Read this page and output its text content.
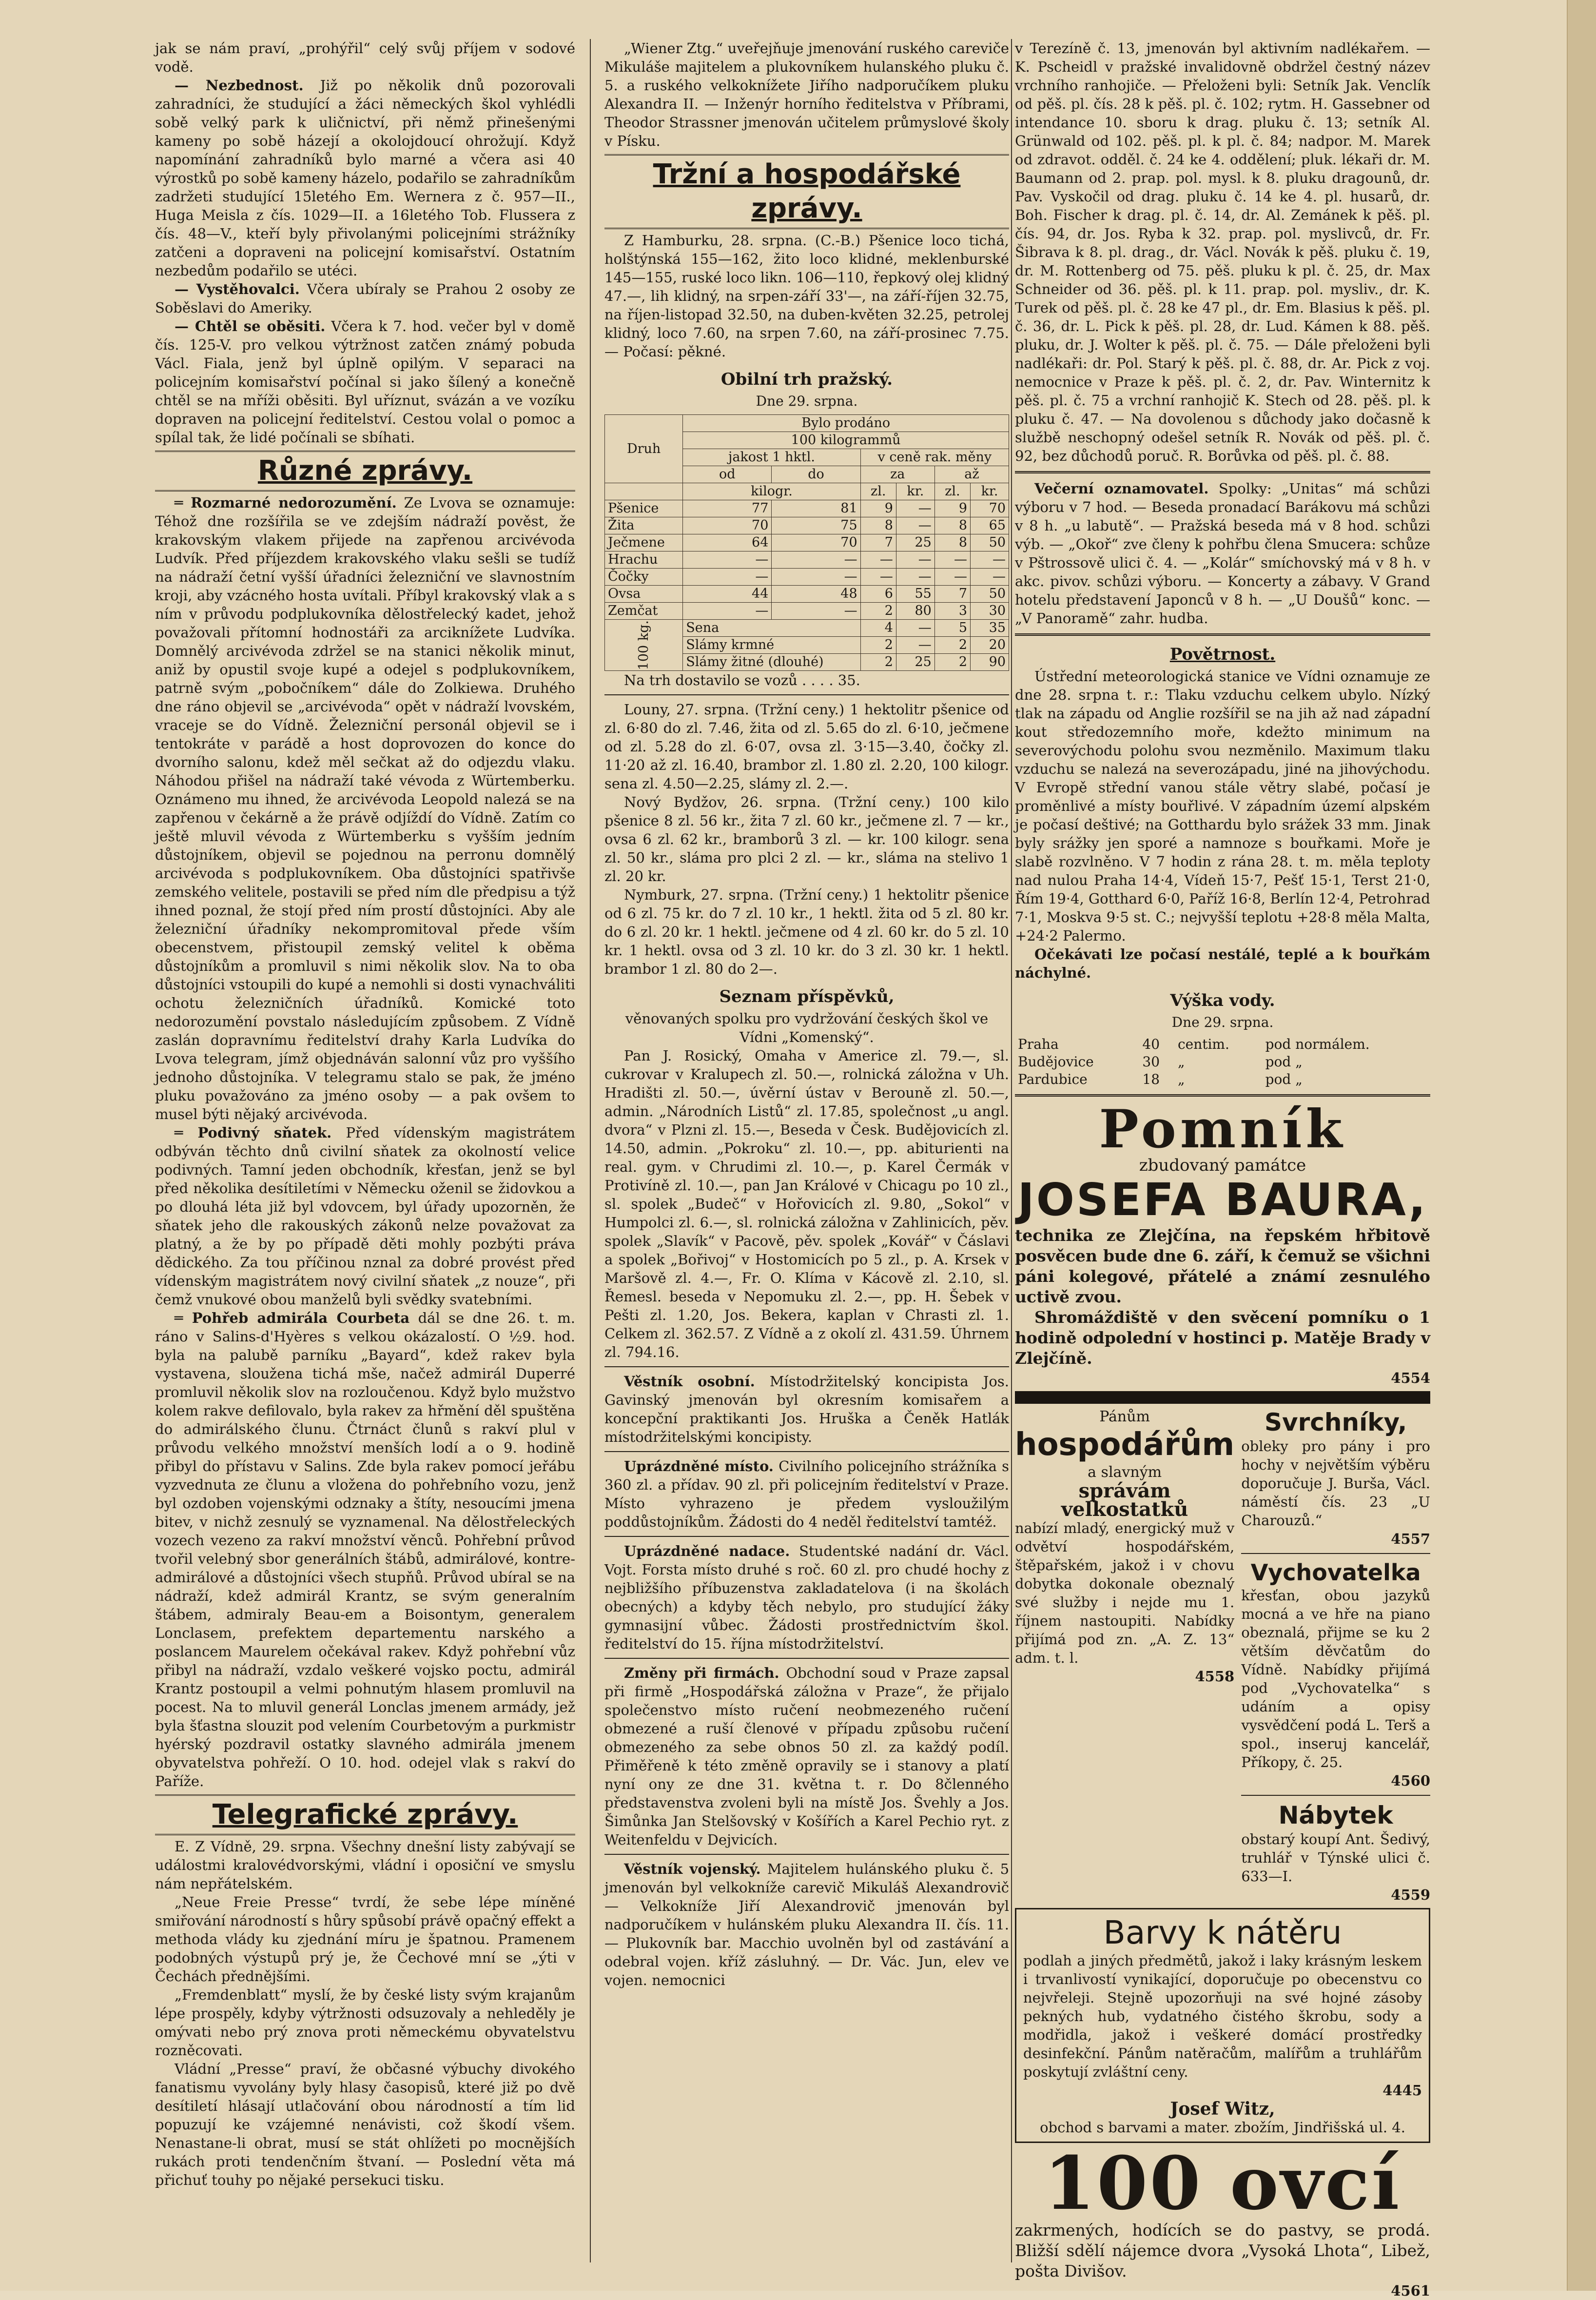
jak se nám praví, „prohýřil“ celý svůj příjem v sodové vodě.

— Nezbednost. Již po několik dnů pozorovali zahradníci, že studující a žáci německých škol vyhlédli sobě velký park k uličnictví, při němž přinešenými kameny po sobě házejí a okolojdoucí ohrožují. Když napomínání zahradníků bylo marné a včera asi 40 výrostků po sobě kameny házelo, podařilo se zahradníkům zadržeti studující 15letého Em. Wernera z č. 957—II., Huga Meisla z čís. 1029—II. a 16letého Tob. Flussera z čís. 48—V., kteří byly přivolanými policejními strážníky zatčeni a dopraveni na policejní komisařství. Ostatním nezbedům podařilo se utéci.

— Vystěhovalci. Včera ubíraly se Prahou 2 osoby ze Soběslavi do Ameriky.

— Chtěl se oběsiti. Včera k 7. hod. večer byl v domě čís. 125-V. pro velkou výtržnost zatčen známý pobuda Václ. Fiala, jenž byl úplně opilým. V separaci na policejním komisařství počínal si jako šílený a konečně chtěl se na mříži oběsiti. Byl uříznut, svázán a ve vozíku dopraven na policejní ředitelství. Cestou volal o pomoc a spílal tak, že lidé počínali se sbíhati.

Různé zprávy.

═ Rozmarné nedorozumění. Ze Lvova se oznamuje: Téhož dne rozšířila se ve zdejším nádraží pověst, že krakovským vlakem přijede na zapřenou arcivévoda Ludvík. Před příjezdem krakovského vlaku sešli se tudíž na nádraží četní vyšší úřadníci železniční ve slavnostním kroji, aby vzácného hosta uvítali. Příbyl krakovský vlak a s ním v průvodu podplukovníka dělostřelecký kadet, jehož považovali přítomní hodnostáři za arciknížete Ludvíka. Domnělý arcivévoda zdržel se na stanici několik minut, aniž by opustil svoje kupé a odejel s podplukovníkem, patrně svým „pobočníkem“ dále do Zolkiewa. Druhého dne ráno objevil se „arcivévoda“ opět v nádraží lvovském, vraceje se do Vídně. Železniční personál objevil se i tentokráte v parádě a host doprovozen do konce do dvorního salonu, kdež měl sečkat až do odjezdu vlaku. Náhodou přišel na nádraží také vévoda z Würtemberku. Oznámeno mu ihned, že arcivévoda Leopold nalezá se na zapřenou v čekárně a že právě odjíždí do Vídně. Zatím co ještě mluvil vévoda z Würtemberku s vyšším jedním důstojníkem, objevil se pojednou na perronu domnělý arcivévoda s podplukovníkem. Oba důstojníci spatřivše zemského velitele, postavili se před ním dle předpisu a týž ihned poznal, že stojí před ním prostí důstojníci. Aby ale železniční úřadníky nekompromitoval přede vším obecenstvem, přistoupil zemský velitel k oběma důstojníkům a promluvil s nimi několik slov. Na to oba důstojníci vstoupili do kupé a nemohli si dosti vynachváliti ochotu železničních úřadníků. Komické toto nedorozumění povstalo následujícím způsobem. Z Vídně zaslán dopravnímu ředitelství drahy Karla Ludvíka do Lvova telegram, jímž objednáván salonní vůz pro vyššího jednoho důstojníka. V telegramu stalo se pak, že jméno pluku považováno za jméno osoby — a pak ovšem to musel býti nějaký arcivévoda.

═ Podivný sňatek. Před vídenským magistrátem odbýván těchto dnů civilní sňatek za okolností velice podivných. Tamní jeden obchodník, křesťan, jenž se byl před několika desítiletími v Německu oženil se židovkou a po dlouhá léta již byl vdovcem, byl úřady upozorněn, že sňatek jeho dle rakouských zákonů nelze považovat za platný, a že by po případě děti mohly pozbýti práva dědického. Za tou příčinou nznal za dobré provést před vídenským magistrátem nový civilní sňatek „z nouze“, při čemž vnukové obou manželů byli svědky svatebními.

═ Pohřeb admirála Courbeta dál se dne 26. t. m. ráno v Salins-d'Hyères s velkou okázalostí. O ½9. hod. byla na palubě parníku „Bayard“, kdež rakev byla vystavena, sloužena tichá mše, načež admirál Duperré promluvil několik slov na rozloučenou. Když bylo mužstvo kolem rakve defilovalo, byla rakev za hřmění děl spuštěna do admirálského člunu. Čtrnáct člunů s rakví plul v průvodu velkého množství menších lodí a o 9. hodině přibyl do přístavu v Salins. Zde byla rakev pomocí jeřábu vyzvednuta ze člunu a vložena do pohřebního vozu, jenž byl ozdoben vojenskými odznaky a štíty, nesoucími jmena bitev, v nichž zesnulý se vyznamenal. Na dělostřeleckých vozech vezeno za rakví množství věnců. Pohřební průvod tvořil velebný sbor generálních štábů, admirálové, kontre-admirálové a důstojníci všech stupňů. Průvod ubíral se na nádraží, kdež admirál Krantz, se svým generalním štábem, admiraly Beau-em a Boisontym, generalem Lonclasem, prefektem departementu narského a poslancem Maurelem očekával rakev. Když pohřební vůz přibyl na nádraží, vzdalo veškeré vojsko poctu, admirál Krantz postoupil a velmi pohnutým hlasem promluvil na pocest. Na to mluvil generál Lonclas jmenem armády, jež byla šťastna slouzit pod velením Courbetovým a purkmistr hyérský pozdravil ostatky slavného admirála jmenem obyvatelstva pohřeží. O 10. hod. odejel vlak s rakví do Paříže.

Telegrafické zprávy.

E. Z Vídně, 29. srpna. Všechny dnešní listy zabývají se událostmi kralovédvorskými, vládní i oposiční ve smyslu nám nepřátelském.

„Neue Freie Presse“ tvrdí, že sebe lépe míněné smiřování národností s hůry spůsobí právě opačný effekt a methoda vlády ku zjednání míru je špatnou. Pramenem podobných výstupů prý je, že Čechové mní se „ýti v Čechách přednějšími.

„Fremdenblatt“ myslí, že by české listy svým krajanům lépe prospěly, kdyby výtržnosti odsuzovaly a nehleděly je omývati nebo prý znova proti německému obyvatelstvu rozněcovati.

Vládní „Presse“ praví, že občasné výbuchy divokého fanatismu vyvolány byly hlasy časopisů, které již po dvě desítiletí hlásají utlačování obou národností a tím lid popuzují ke vzájemné nenávisti, což škodí všem. Nenastane-li obrat, musí se stát ohlížeti po mocnějších rukách proti tendenčním štvaní. — Poslední věta má přichuť touhy po nějaké persekuci tisku.

„Wiener Ztg.“ uveřejňuje jmenování ruského careviče Mikuláše majitelem a plukovníkem hulanského pluku č. 5. a ruského velkoknížete Jiřího nadporučíkem pluku Alexandra II. — Inženýr horního ředitelstva v Příbrami, Theodor Strassner jmenován učitelem průmyslové školy v Písku.

Tržní a hospodářské zprávy.

Z Hamburku, 28. srpna. (C.-B.) Pšenice loco tichá, holštýnská 155—162, žito loco klidné, meklenburské 145—155, ruské loco likn. 106—110, řepkový olej klidný 47.—, lih klidný, na srpen-září 33'—, na září-říjen 32.75, na říjen-listopad 32.50, na duben-květen 32.25, petrolej klidný, loco 7.60, na srpen 7.60, na září-prosinec 7.75. — Počasí: pěkné.

Obilní trh pražský.
Dne 29. srpna.
Druh	Bylo prodáno					
	100 kilogrammů					
	jakost 1 hktl.		v ceně rak. měny			
	od	do	za		až	
	kilogr.		zl.	kr.	zl.	kr.
Pšenice	77	81	9	—	9	70
Žita	70	75	8	—	8	65
Ječmene	64	70	7	25	8	50
Hrachu	—	—	—	—	—	—
Čočky	—	—	—	—	—	—
Ovsa	44	48	6	55	7	50
Zemčat	—	—	2	80	3	30
100 kg.	Sena		4	—	5	35
	Slámy krmné		2	—	2	20
	Slámy žitné (dlouhé)		2	25	2	90

Na trh dostavilo se vozů . . . . 35.

Louny, 27. srpna. (Tržní ceny.) 1 hektolitr pšenice od zl. 6·80 do zl. 7.46, žita od zl. 5.65 do zl. 6·10, ječmene od zl. 5.28 do zl. 6·07, ovsa zl. 3·15—3.40, čočky zl. 11·20 až zl. 16.40, brambor zl. 1.80 zl. 2.20, 100 kilogr. sena zl. 4.50—2.25, slámy zl. 2.—.

Nový Bydžov, 26. srpna. (Tržní ceny.) 100 kilo pšenice 8 zl. 56 kr., žita 7 zl. 60 kr., ječmene zl. 7 — kr., ovsa 6 zl. 62 kr., bramborů 3 zl. — kr. 100 kilogr. sena zl. 50 kr., sláma pro plci 2 zl. — kr., sláma na stelivo 1 zl. 20 kr.

Nymburk, 27. srpna. (Tržní ceny.) 1 hektolitr pšenice od 6 zl. 75 kr. do 7 zl. 10 kr., 1 hektl. žita od 5 zl. 80 kr. do 6 zl. 20 kr. 1 hektl. ječmene od 4 zl. 60 kr. do 5 zl. 10 kr. 1 hektl. ovsa od 3 zl. 10 kr. do 3 zl. 30 kr. 1 hektl. brambor 1 zl. 80 do 2—.

Seznam příspěvků,

věnovaných spolku pro vydržování českých škol ve Vídni „Komenský“.

Pan J. Rosický, Omaha v Americe zl. 79.—, sl. cukrovar v Kralupech zl. 50.—, rolnická záložna v Uh. Hradišti zl. 50.—, úvěrní ústav v Berouně zl. 50.—, admin. „Národních Listů“ zl. 17.85, společnost „u angl. dvora“ v Plzni zl. 15.—, Beseda v Česk. Budějovicích zl. 14.50, admin. „Pokroku“ zl. 10.—, pp. abiturienti na real. gym. v Chrudimi zl. 10.—, p. Karel Čermák v Protivíně zl. 10.—, pan Jan Králové v Chicagu po 10 zl., sl. spolek „Budeč“ v Hořovicích zl. 9.80, „Sokol“ v Humpolci zl. 6.—, sl. rolnická záložna v Zahlinicích, pěv. spolek „Slavík“ v Pacově, pěv. spolek „Kovář“ v Čáslavi a spolek „Bořivoj“ v Hostomicích po 5 zl., p. A. Krsek v Maršově zl. 4.—, Fr. O. Klíma v Kácově zl. 2.10, sl. Řemesl. beseda v Nepomuku zl. 2.—, pp. H. Šebek v Pešti zl. 1.20, Jos. Bekera, kaplan v Chrasti zl. 1. Celkem zl. 362.57. Z Vídně a z okolí zl. 431.59. Úhrnem zl. 794.16.

Věstník osobní. Místodržitelský koncipista Jos. Gavinský jmenován byl okresním komisařem a koncepční praktikanti Jos. Hruška a Čeněk Hatlák místodržitelskými koncipisty.

Uprázdněné místo. Civilního policejního strážníka s 360 zl. a přídav. 90 zl. při policejním ředitelství v Praze. Místo vyhrazeno je předem vysloužilým poddůstojníkům. Žádosti do 4 neděl ředitelství tamtéž.

Uprázdněné nadace. Studentské nadání dr. Václ. Vojt. Forsta místo druhé s roč. 60 zl. pro chudé hochy z nejbližšího příbuzenstva zakladatelova (i na školách obecných) a kdyby těch nebylo, pro studující žáky gymnasijní vůbec. Žádosti prostřednictvím škol. ředitelství do 15. října místodržitelství.

Změny při firmách. Obchodní soud v Praze zapsal při firmě „Hospodářská záložna v Praze“, že přijalo společenstvo místo ručení neobmezeného ručení obmezené a ruší členové v případu způsobu ručení obmezeného za sebe obnos 50 zl. za každý podíl. Přiměřeně k této změně opravily se i stanovy a platí nyní ony ze dne 31. května t. r. Do 8členného představenstva zvoleni byli na místě Jos. Švehly a Jos. Šimůnka Jan Stelšovský v Košířích a Karel Pechio ryt. z Weitenfeldu v Dejvicích.

Věstník vojenský. Majitelem hulánského pluku č. 5 jmenován byl velkokníže carevič Mikuláš Alexandrovič — Velkokníže Jiří Alexandrovič jmenován byl nadporučíkem v hulánském pluku Alexandra II. čís. 11. — Plukovník bar. Macchio uvolněn byl od zastávání a odebral vojen. kříž zásluhný. — Dr. Vác. Jun, elev ve vojen. nemocnici

v Terezíně č. 13, jmenován byl aktivním nadlékařem. — K. Pscheidl v pražské invalidovně obdržel čestný název vrchního ranhojiče. — Přeloženi byli: Setník Jak. Venclík od pěš. pl. čís. 28 k pěš. pl. č. 102; rytm. H. Gassebner od intendance 10. sboru k drag. pluku č. 13; setník Al. Grünwald od 102. pěš. pl. k pl. č. 84; nadpor. M. Marek od zdravot. odděl. č. 24 ke 4. oddělení; pluk. lékaři dr. M. Baumann od 2. prap. pol. mysl. k 8. pluku dragounů, dr. Pav. Vyskočil od drag. pluku č. 14 ke 4. pl. husarů, dr. Boh. Fischer k drag. pl. č. 14, dr. Al. Zemánek k pěš. pl. čís. 94, dr. Jos. Ryba k 32. prap. pol. myslivců, dr. Fr. Šibrava k 8. pl. drag., dr. Václ. Novák k pěš. pluku č. 19, dr. M. Rottenberg od 75. pěš. pluku k pl. č. 25, dr. Max Schneider od 36. pěš. pl. k 11. prap. pol. mysliv., dr. K. Turek od pěš. pl. č. 28 ke 47 pl., dr. Em. Blasius k pěš. pl. č. 36, dr. L. Pick k pěš. pl. 28, dr. Lud. Kámen k 88. pěš. pluku, dr. J. Wolter k pěš. pl. č. 75. — Dále přeloženi byli nadlékaři: dr. Pol. Starý k pěš. pl. č. 88, dr. Ar. Pick z voj. nemocnice v Praze k pěš. pl. č. 2, dr. Pav. Winternitz k pěš. pl. č. 75 a vrchní ranhojič K. Stech od 28. pěš. pl. k pluku č. 47. — Na dovolenou s důchody jako dočasně k službě neschopný odešel setník R. Novák od pěš. pl. č. 92, bez důchodů poruč. R. Borůvka od pěš. pl. č. 88.

Večerní oznamovatel. Spolky: „Unitas“ má schůzi výboru v 7 hod. — Beseda pronadací Barákovu má schůzi v 8 h. „u labutě“. — Pražská beseda má v 8 hod. schůzi výb. — „Okoř“ zve členy k pohřbu člena Smucera: schůze v Pštrossově ulici č. 4. — „Kolár“ smíchovský má v 8 h. v akc. pivov. schůzi výboru. — Koncerty a zábavy. V Grand hotelu představení Japonců v 8 h. — „U Doušů“ konc. — „V Panoramě“ zahr. hudba.

Povětrnost.

Ústřední meteorologická stanice ve Vídni oznamuje ze dne 28. srpna t. r.: Tlaku vzduchu celkem ubylo. Nízký tlak na západu od Anglie rozšířil se na jih až nad západní kout středozemního moře, kdežto minimum na severovýchodu polohu svou nezměnilo. Maximum tlaku vzduchu se nalezá na severozápadu, jiné na jihovýchodu. V Evropě střední vanou stále větry slabé, počasí je proměnlivé a místy bouřlivé. V západním území alpském je počasí deštivé; na Gotthardu bylo srážek 33 mm. Jinak byly srážky jen sporé a namnoze s bouřkami. Moře je slabě rozvlněno. V 7 hodin z rána 28. t. m. měla teploty nad nulou Praha 14·4, Vídeň 15·7, Pešť 15·1, Terst 21·0, Řím 19·4, Gotthard 6·0, Paříž 16·8, Berlín 12·4, Petrohrad 7·1, Moskva 9·5 st. C.; nejvyšší teplotu +28·8 měla Malta, +24·2 Palermo.

Očekávati lze počasí nestálé, teplé a k bouřkám náchylné.

Výška vody.
Dne 29. srpna.
Praha	40	centim.	pod normálem.
Budějovice	30	„	pod „
Pardubice	18	„	pod „
Pomník
zbudovaný památce
JOSEFA BAURA,

technika ze Zlejčína, na řepském hřbitově posvěcen bude dne 6. září, k čemuž se všichni páni kolegové, přátelé a známí zesnulého uctivě zvou.

Shromáždiště v den svěcení pomníku o 1 hodině odpolední v hostinci p. Matěje Brady v Zlejčíně.

4554
Pánům
hospodářům
a slavným
správám velkostatků

nabízí mladý, energický muž v odvětví hospodářském, štěpařském, jakož i v chovu dobytka dokonale obeznalý své služby i nejde mu 1. říjnem nastoupiti. Nabídky přijímá pod zn. „A. Z. 13“ adm. t. l.

4558
Svrchníky,

obleky pro pány i pro hochy v největším výběru doporučuje J. Burša, Václ. náměstí čís. 23 „U Charouzů.“

4557
Vychovatelka

křesťan, obou jazyků mocná a ve hře na piano obeznalá, přijme se ku 2 větším děvčatům do Vídně. Nabídky přijímá pod „Vychovatelka“ s udáním a opisy vysvědčení podá L. Terš a spol., inseruj kancelář, Příkopy, č. 25.

4560
Nábytek

obstarý koupí Ant. Šedivý, truhlář v Týnské ulici č. 633—I.

4559
Barvy k nátěru

podlah a jiných předmětů, jakož i laky krásným leskem i trvanlivostí vynikající, doporučuje po obecenstvu co nejvřeleji. Stejně upozorňuji na své hojné zásoby pekných hub, vydatného čistého škrobu, sody a modřidla, jakož i veškeré domácí prostředky desinfekční. Pánům natěračům, malířům a truhlářům poskytují zvláštní ceny.

4445
Josef Witz,
obchod s barvami a mater. zbožím, Jindřišská ul. 4.
100 ovcí

zakrmených, hodících se do pastvy, se prodá. Bližší sdělí nájemce dvora „Vysoká Lhota“, Libež, pošta Divišov.

4561
